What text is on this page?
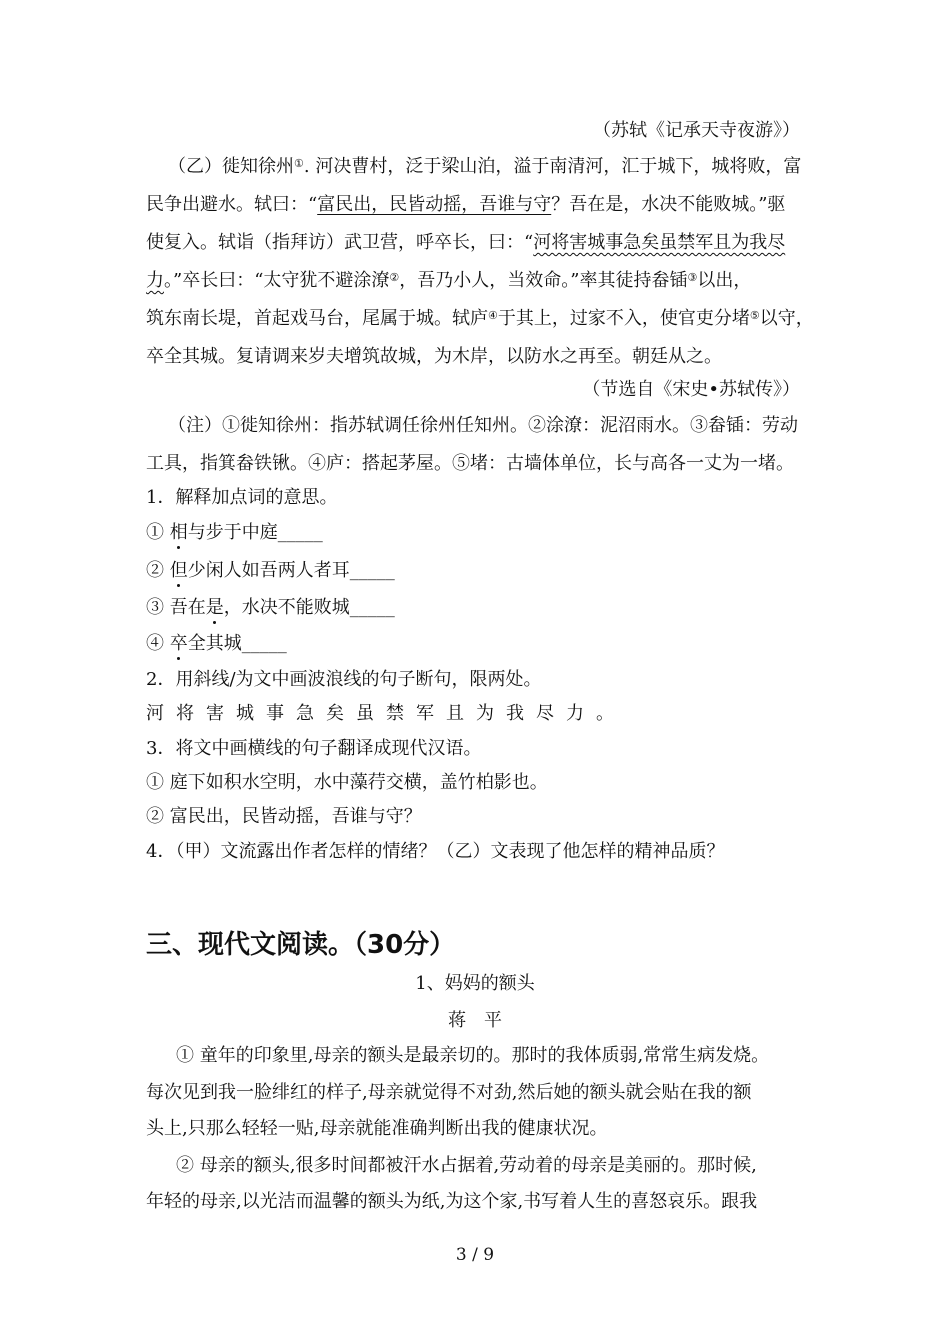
（苏轼《记承天寺夜游》）
（乙）徙知徐州①. 河决曹村，泛于梁山泊，溢于南清河，汇于城下，城将败，富
民争出避水。轼曰：“富民出，民皆动摇，吾谁与守？吾在是，水决不能败城。”驱
使复入。轼诣（指拜访）武卫营，呼卒长，曰：“河将害城事急矣虽禁军且为我尽
力。”卒长曰：“太守犹不避涂潦②，吾乃小人，当效命。”率其徒持畚锸③以出，
筑东南长堤，首起戏马台，尾属于城。轼庐④于其上，过家不入，使官吏分堵⑤以守，
卒全其城。复请调来岁夫增筑故城，为木岸，以防水之再至。朝廷从之。
（节选自《宋史•苏轼传》）
（注）①徙知徐州：指苏轼调任徐州任知州。②涂潦：泥沼雨水。③畚锸：劳动
工具，指箕畚铁锹。④庐：搭起茅屋。⑤堵：古墙体单位，长与高各一丈为一堵。
1．解释加点词的意思。
① 相与步于中庭_____
② 但少闲人如吾两人者耳_____
③ 吾在是，水决不能败城_____
④ 卒全其城_____
2．用斜线/为文中画波浪线的句子断句，限两处。
河将害城事急矣虽禁军且为我尽力。
3．将文中画横线的句子翻译成现代汉语。
① 庭下如积水空明，水中藻荇交横，盖竹柏影也。
② 富民出，民皆动摇，吾谁与守？
4．（甲）文流露出作者怎样的情绪？（乙）文表现了他怎样的精神品质？
三、现代文阅读。（30分）
1、妈妈的额头
蒋　平
① 童年的印象里,母亲的额头是最亲切的。那时的我体质弱,常常生病发烧。
每次见到我一脸绯红的样子,母亲就觉得不对劲,然后她的额头就会贴在我的额
头上,只那么轻轻一贴,母亲就能准确判断出我的健康状况。
② 母亲的额头,很多时间都被汗水占据着,劳动着的母亲是美丽的。那时候,
年轻的母亲,以光洁而温馨的额头为纸,为这个家,书写着人生的喜怒哀乐。跟我
3 / 9
